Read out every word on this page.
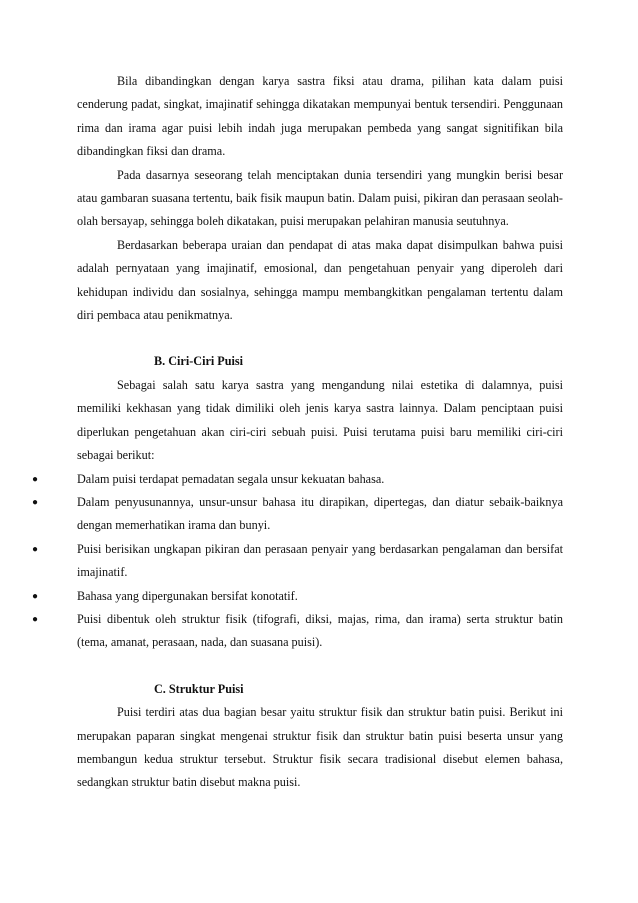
Bila dibandingkan dengan karya sastra fiksi atau drama, pilihan kata dalam puisi cenderung padat, singkat, imajinatif sehingga dikatakan mempunyai bentuk tersendiri. Penggunaan rima dan irama agar puisi lebih indah juga merupakan pembeda yang sangat signitifikan bila dibandingkan fiksi dan drama.

Pada dasarnya seseorang telah menciptakan dunia tersendiri yang mungkin berisi besar atau gambaran suasana tertentu, baik fisik maupun batin. Dalam puisi, pikiran dan perasaan seolah-olah bersayap, sehingga boleh dikatakan, puisi merupakan pelahiran manusia seutuhnya.

Berdasarkan beberapa uraian dan pendapat di atas maka dapat disimpulkan bahwa puisi adalah pernyataan yang imajinatif, emosional, dan pengetahuan penyair yang diperoleh dari kehidupan individu dan sosialnya, sehingga mampu membangkitkan pengalaman tertentu dalam diri pembaca atau penikmatnya.

B. Ciri-Ciri Puisi

Sebagai salah satu karya sastra yang mengandung nilai estetika di dalamnya, puisi memiliki kekhasan yang tidak dimiliki oleh jenis karya sastra lainnya. Dalam penciptaan puisi diperlukan pengetahuan akan ciri-ciri sebuah puisi. Puisi terutama puisi baru memiliki ciri-ciri sebagai berikut:

●	Dalam puisi terdapat pemadatan segala unsur kekuatan bahasa.
●	Dalam penyusunannya, unsur-unsur bahasa itu dirapikan, dipertegas, dan diatur sebaik-baiknya dengan memerhatikan irama dan bunyi.
●	Puisi berisikan ungkapan pikiran dan perasaan penyair yang berdasarkan pengalaman dan bersifat imajinatif.
●	Bahasa yang dipergunakan bersifat konotatif.
●	Puisi dibentuk oleh struktur fisik (tifografi, diksi, majas, rima, dan irama) serta struktur batin (tema, amanat, perasaan, nada, dan suasana puisi).
C. Struktur Puisi

Puisi terdiri atas dua bagian besar yaitu struktur fisik dan struktur batin puisi. Berikut ini merupakan paparan singkat mengenai struktur fisik dan struktur batin puisi beserta unsur yang membangun kedua struktur tersebut. Struktur fisik secara tradisional disebut elemen bahasa, sedangkan struktur batin disebut makna puisi.
